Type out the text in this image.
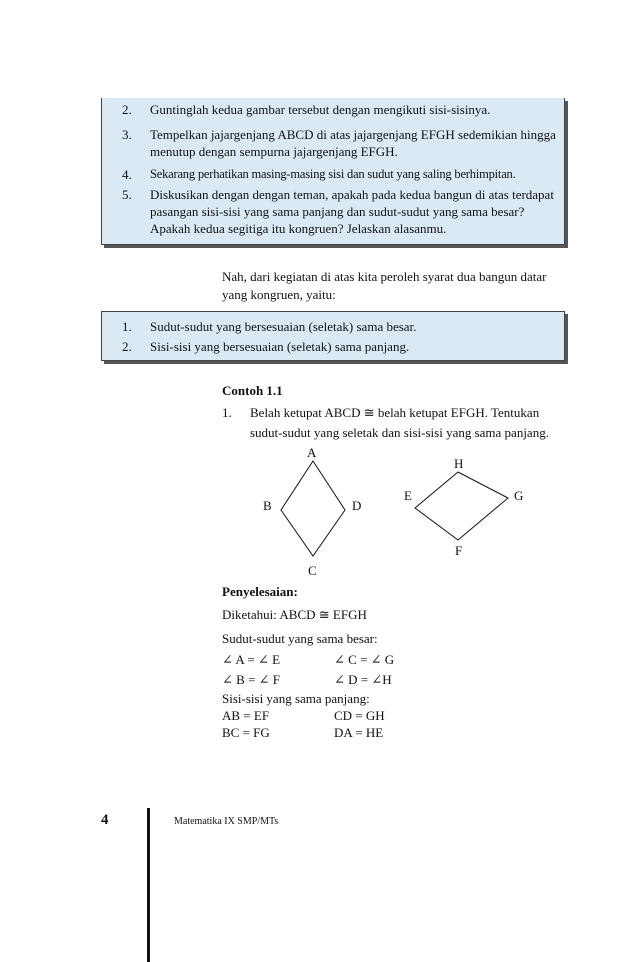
2. Guntinglah kedua gambar tersebut dengan mengikuti sisi-sisinya.
3. Tempelkan jajargenjang ABCD di atas jajargenjang EFGH sedemikian hingga menutup dengan sempurna jajargenjang EFGH.
4. Sekarang perhatikan masing-masing sisi dan sudut yang saling berhimpitan.
5. Diskusikan dengan dengan teman, apakah pada kedua bangun di atas terdapat pasangan sisi-sisi yang sama panjang dan sudut-sudut yang sama besar? Apakah kedua segitiga itu kongruen? Jelaskan alasanmu.
Nah, dari kegiatan di atas kita peroleh syarat dua bangun datar yang kongruen, yaitu:
1. Sudut-sudut yang bersesuaian (seletak) sama besar.
2. Sisi-sisi yang bersesuaian (seletak) sama panjang.
Contoh 1.1
1. Belah ketupat ABCD ≅ belah ketupat EFGH. Tentukan sudut-sudut yang seletak dan sisi-sisi yang sama panjang.
A
B	D
C
H
E	G
F
Penyelesaian:
Diketahui: ABCD ≅ EFGH
Sudut-sudut yang sama besar:
∠ A = ∠ E	∠ C = ∠ G
∠ B = ∠ F	∠ D = ∠H
Sisi-sisi yang sama panjang:
AB = EF	CD = GH
BC = FG	DA = HE
4	Matematika IX SMP/MTs
